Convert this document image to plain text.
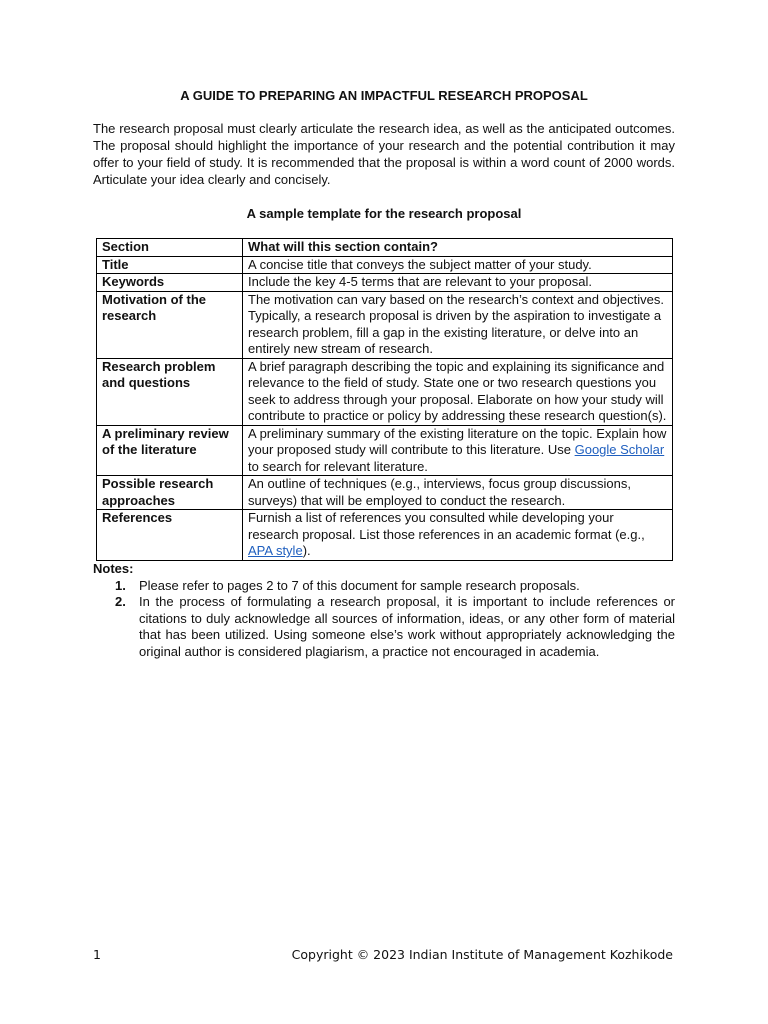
A GUIDE TO PREPARING AN IMPACTFUL RESEARCH PROPOSAL
The research proposal must clearly articulate the research idea, as well as the anticipated outcomes. The proposal should highlight the importance of your research and the potential contribution it may offer to your field of study. It is recommended that the proposal is within a word count of 2000 words. Articulate your idea clearly and concisely.
A sample template for the research proposal
Section	What will this section contain?
Title	A concise title that conveys the subject matter of your study.
Keywords	Include the key 4-5 terms that are relevant to your proposal.
Motivation of the research	The motivation can vary based on the research’s context and objectives. Typically, a research proposal is driven by the aspiration to investigate a research problem, fill a gap in the existing literature, or delve into an entirely new stream of research.
Research problem and questions	A brief paragraph describing the topic and explaining its significance and relevance to the field of study. State one or two research questions you seek to address through your proposal. Elaborate on how your study will contribute to practice or policy by addressing these research question(s).
A preliminary review of the literature	A preliminary summary of the existing literature on the topic. Explain how your proposed study will contribute to this literature. Use Google Scholar to search for relevant literature.
Possible research approaches	An outline of techniques (e.g., interviews, focus group discussions, surveys) that will be employed to conduct the research.
References	Furnish a list of references you consulted while developing your research proposal. List those references in an academic format (e.g., APA style).
Notes:
1. Please refer to pages 2 to 7 of this document for sample research proposals.
2. In the process of formulating a research proposal, it is important to include references or citations to duly acknowledge all sources of information, ideas, or any other form of material that has been utilized. Using someone else’s work without appropriately acknowledging the original author is considered plagiarism, a practice not encouraged in academia.
1	Copyright © 2023 Indian Institute of Management Kozhikode
